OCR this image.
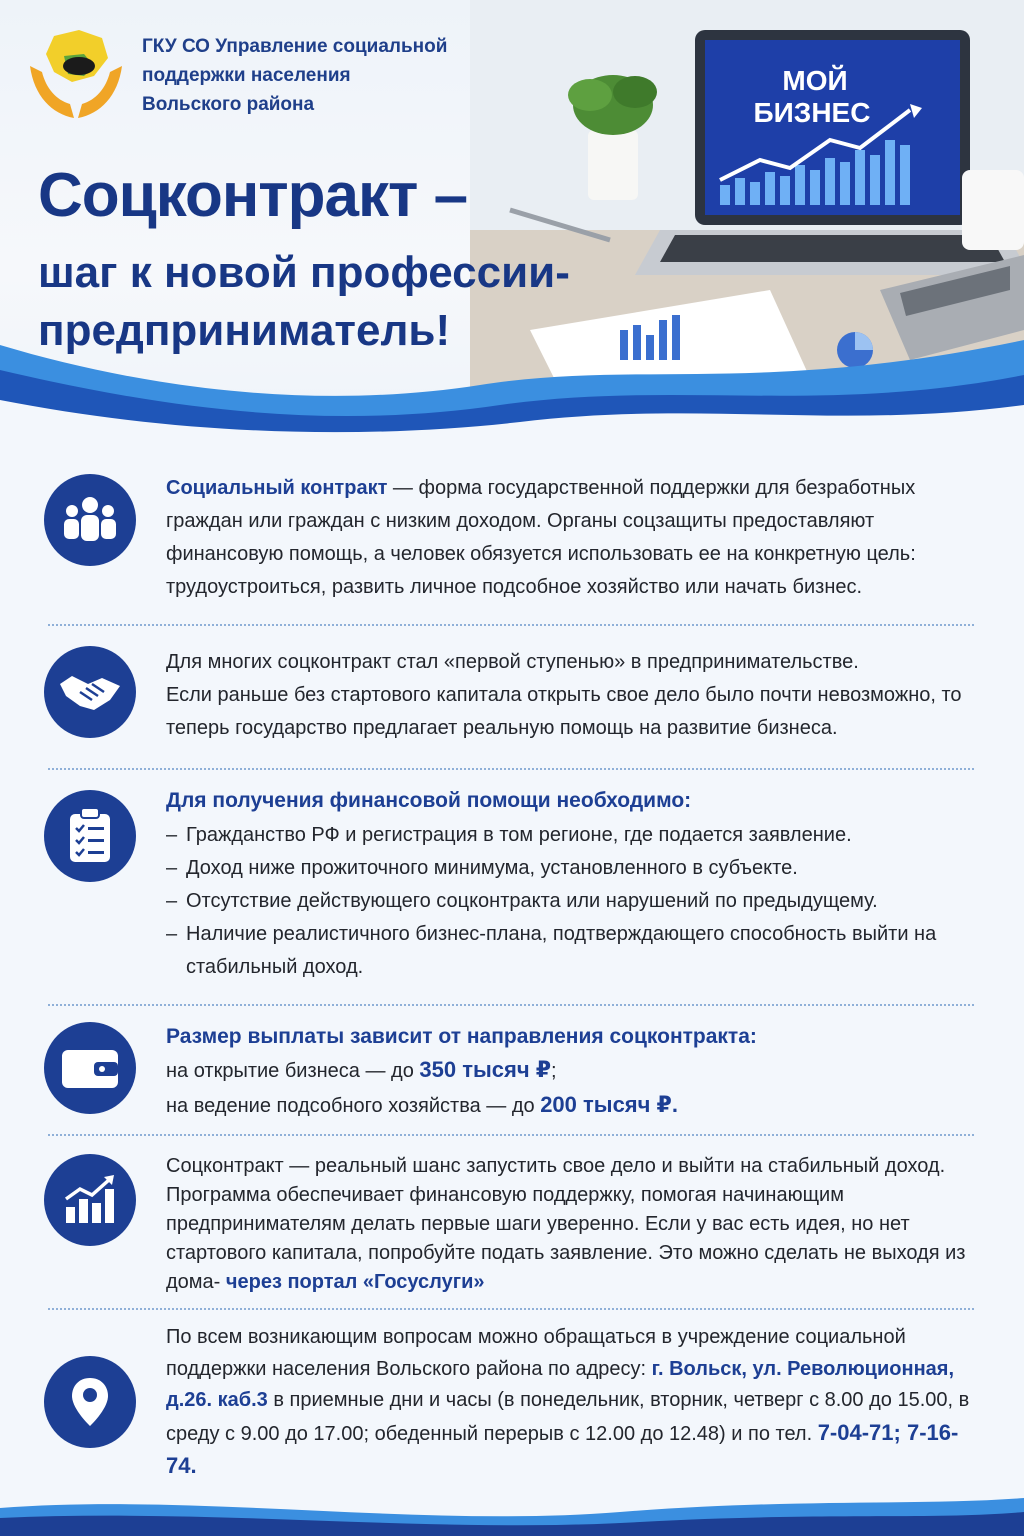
МОЙ
БИЗНЕС
ГКУ СО Управление социальной
поддержки населения
Вольского района
Соцконтракт –
шаг к новой профессии-
предприниматель!
Социальный контракт — форма государственной поддержки для безработных граждан или граждан с низким доходом. Органы соцзащиты предоставляют финансовую помощь, а человек обязуется использовать ее на конкретную цель: трудоустроиться, развить личное подсобное хозяйство или начать бизнес.
Для многих соцконтракт стал «первой ступенью» в предпринимательстве.
Если раньше без стартового капитала открыть свое дело было почти невозможно, то теперь государство предлагает реальную помощь на развитие бизнеса.
Для получения финансовой помощи необходимо:
– Гражданство РФ и регистрация в том регионе, где подается заявление.
– Доход ниже прожиточного минимума, установленного в субъекте.
– Отсутствие действующего соцконтракта или нарушений по предыдущему.
– Наличие реалистичного бизнес-плана, подтверждающего способность выйти на стабильный доход.
Размер выплаты зависит от направления соцконтракта:
на открытие бизнеса — до 350 тысяч ₽;
на ведение подсобного хозяйства — до 200 тысяч ₽.
Соцконтракт — реальный шанс запустить свое дело и выйти на стабильный доход. Программа обеспечивает финансовую поддержку, помогая начинающим предпринимателям делать первые шаги уверенно. Если у вас есть идея, но нет стартового капитала, попробуйте подать заявление. Это можно сделать не выходя из дома- через портал «Госуслуги»
По всем возникающим вопросам можно обращаться в учреждение социальной поддержки населения Вольского района по адресу: г. Вольск, ул. Революционная, д.26. каб.3 в приемные дни и часы (в понедельник, вторник, четверг с 8.00 до 15.00, в среду с 9.00 до 17.00; обеденный перерыв с 12.00 до 12.48) и по тел. 7-04-71; 7-16-74.
